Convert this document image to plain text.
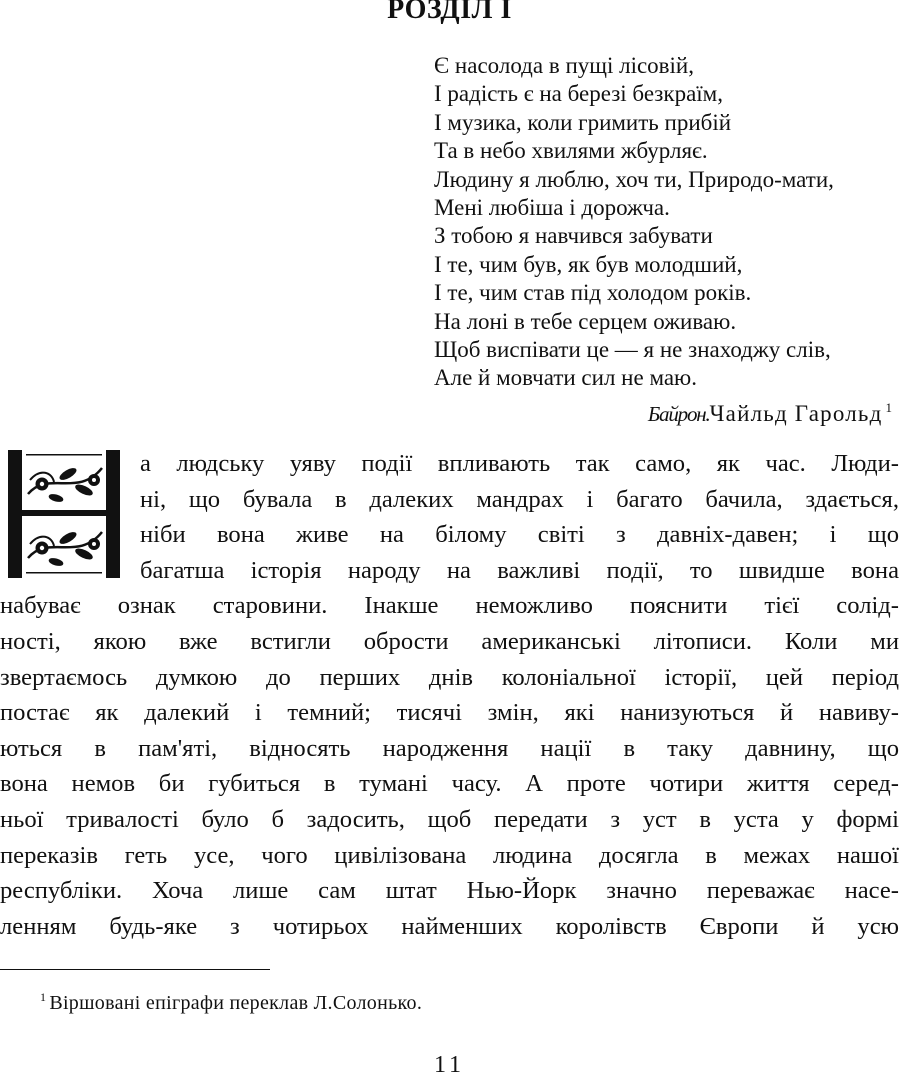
РОЗДІЛ І
Є насолода в пущі лісовій,
І радість є на березі безкраїм,
І музика, коли гримить прибій
Та в небо хвилями жбурляє.
Людину я люблю, хоч ти, Природо-мати,
Мені любіша і дорожча.
З тобою я навчився забувати
І те, чим був, як був молодший,
І те, чим став під холодом років.
На лоні в тебе серцем оживаю.
Щоб виспівати це — я не знаходжу слів,
Але й мовчати сил не маю.
Байрон.Чайльд Гарольд $^1$
а людську уяву події впливають так само, як час. Люди-
ні, що бувала в далеких мандрах і багато бачила, здається,
ніби вона живе на білому світі з давніх-давен; і що
багатша історія народу на важливі події, то швидше вона
набуває ознак старовини. Інакше неможливо пояснити тієї солід-
ності, якою вже встигли обрости американські літописи. Коли ми
звертаємось думкою до перших днів колоніальної історії, цей період
постає як далекий і темний; тисячі змін, які нанизуються й навиву-
ються в пам'яті, відносять народження нації в таку давнину, що
вона немов би губиться в тумані часу. А проте чотири життя серед-
ньої тривалості було б задосить, щоб передати з уст в уста у формі
переказів геть усе, чого цивілізована людина досягла в межах нашої
республіки. Хоча лише сам штат Нью-Йорк значно переважає насе-
ленням будь-яке з чотирьох найменших королівств Європи й усю
$^1$ Віршовані епіграфи переклав Л.Солонько.
11
